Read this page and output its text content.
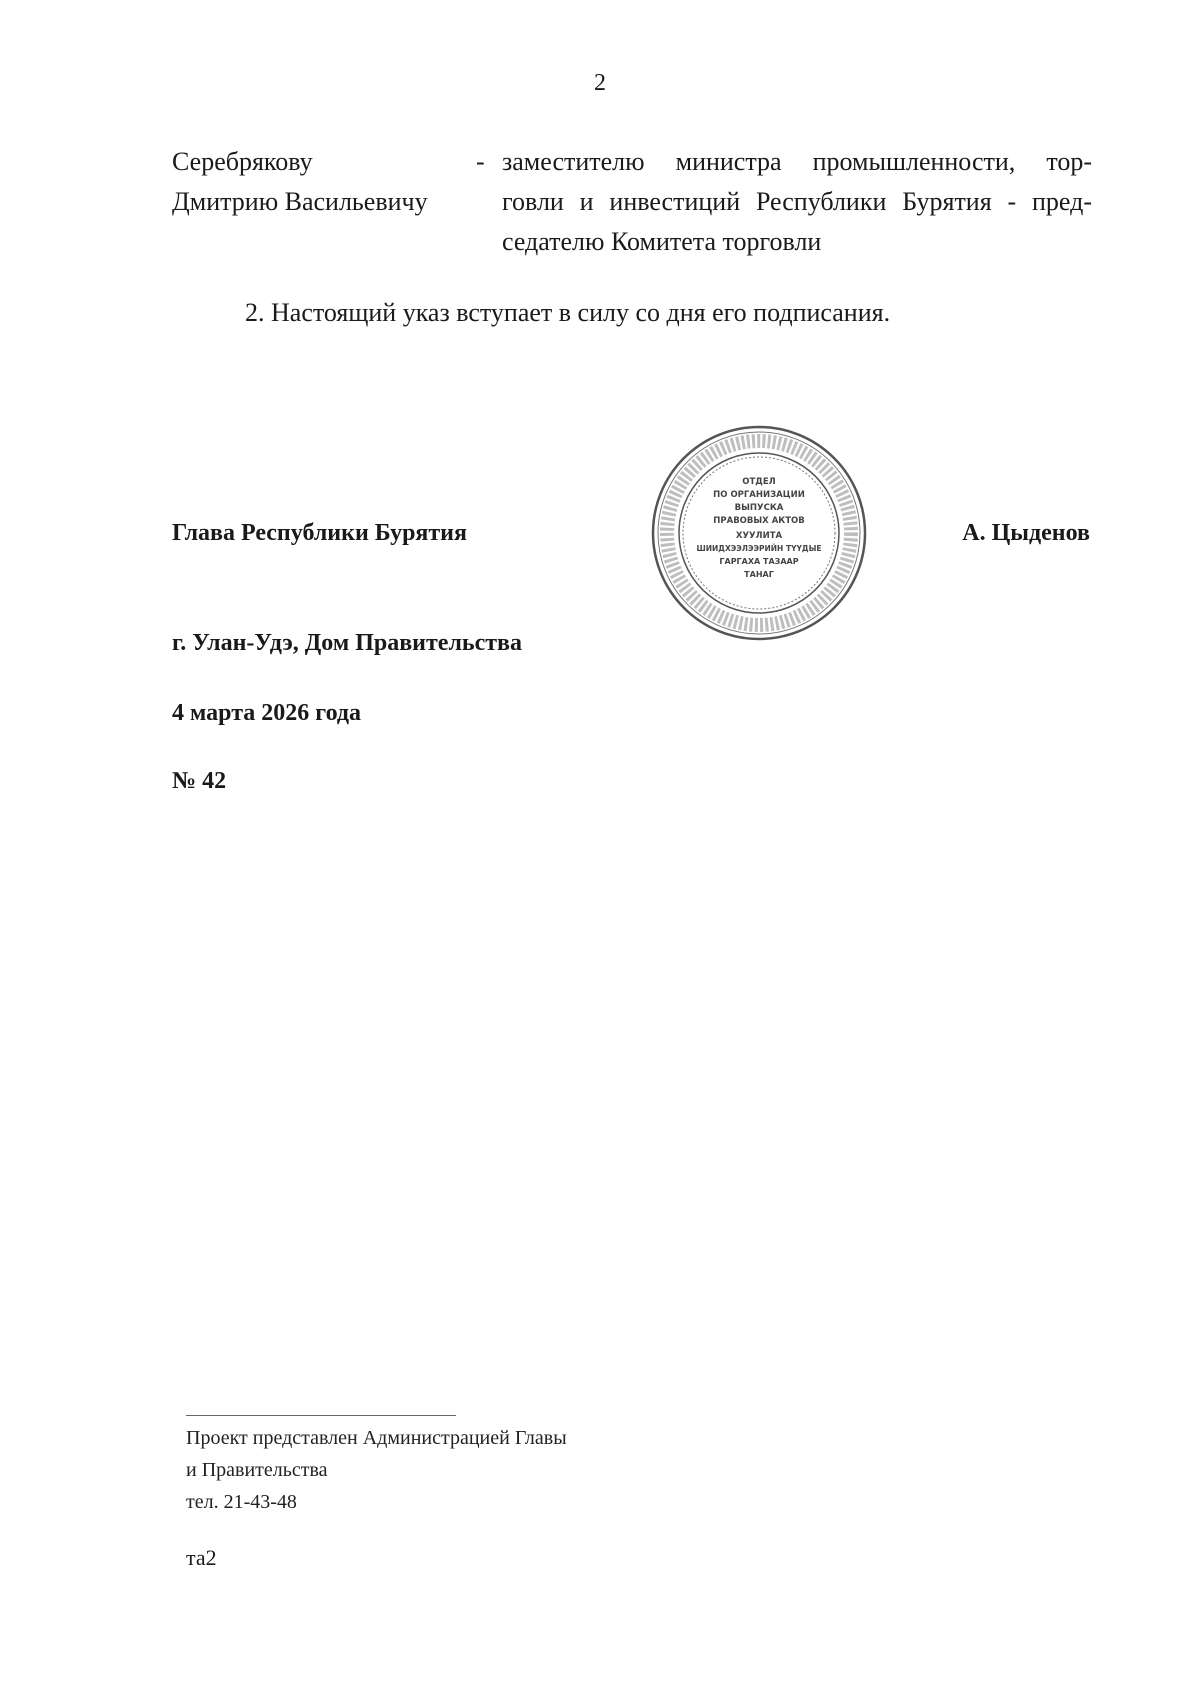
2
Серебрякову
Дмитрию Васильевичу
- заместителю министра промышленности, тор-
говли и инвестиций Республики Бурятия - пред-
седателю Комитета торговли
2. Настоящий указ вступает в силу со дня его подписания.
Глава Республики Бурятия
ОТДЕЛ
ПО ОРГАНИЗАЦИИ
ВЫПУСКА
ПРАВОВЫХ АКТОВ
ХУУЛИТА
ШИИДХЭЭЛЭЭРИЙН ТҮҮДЫЕ
ГАРГАХА ТАЗААР
ТАНАГ
А. Цыденов
г. Улан-Удэ, Дом Правительства
4 марта 2026 года
№ 42
Проект представлен Администрацией Главы
и Правительства
тел. 21-43-48
та2
